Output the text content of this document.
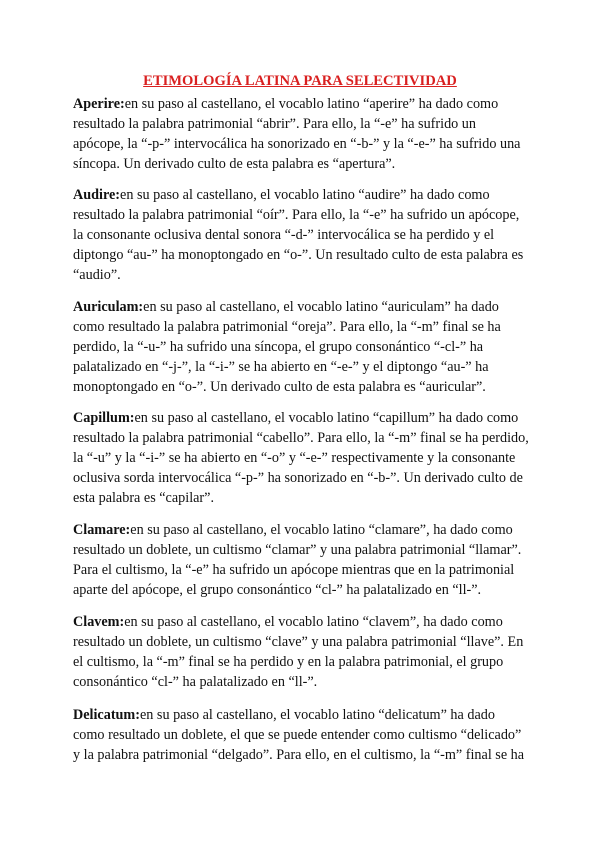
ETIMOLOGÍA LATINA PARA SELECTIVIDAD

Aperire:en su paso al castellano, el vocablo latino “aperire” ha dado como resultado la palabra patrimonial “abrir”. Para ello, la “-e” ha sufrido un apócope, la “-p-” intervocálica ha sonorizado en “-b-” y la “-e-” ha sufrido una síncopa. Un derivado culto de esta palabra es “apertura”.

Audire:en su paso al castellano, el vocablo latino “audire” ha dado como resultado la palabra patrimonial “oír”. Para ello, la “-e” ha sufrido un apócope, la consonante oclusiva dental sonora “-d-” intervocálica se ha perdido y el diptongo “au-” ha monoptongado en “o-”. Un resultado culto de esta palabra es “audio”.

Auriculam:en su paso al castellano, el vocablo latino “auriculam” ha dado como resultado la palabra patrimonial “oreja”. Para ello, la “-m” final se ha perdido, la “-u-” ha sufrido una síncopa, el grupo consonántico “-cl-” ha palatalizado en “-j-”, la “-i-” se ha abierto en “-e-” y el diptongo “au-” ha monoptongado en “o-”. Un derivado culto de esta palabra es “auricular”.

Capillum:en su paso al castellano, el vocablo latino “capillum” ha dado como resultado la palabra patrimonial “cabello”. Para ello, la “-m” final se ha perdido, la “-u” y la “-i-” se ha abierto en “-o” y “-e-” respectivamente y la consonante oclusiva sorda intervocálica “-p-” ha sonorizado en “-b-”. Un derivado culto de esta palabra es “capilar”.

Clamare:en su paso al castellano, el vocablo latino “clamare”, ha dado como resultado un doblete, un cultismo “clamar” y una palabra patrimonial “llamar”. Para el cultismo, la “-e” ha sufrido un apócope mientras que en la patrimonial aparte del apócope, el grupo consonántico “cl-” ha palatalizado en “ll-”.

Clavem:en su paso al castellano, el vocablo latino “clavem”, ha dado como resultado un doblete, un cultismo “clave” y una palabra patrimonial “llave”. En el cultismo, la “-m” final se ha perdido y en la palabra patrimonial, el grupo consonántico “cl-” ha palatalizado en “ll-”.

Delicatum:en su paso al castellano, el vocablo latino “delicatum” ha dado como resultado un doblete, el que se puede entender como cultismo “delicado” y la palabra patrimonial “delgado”. Para ello, en el cultismo, la “-m” final se ha
